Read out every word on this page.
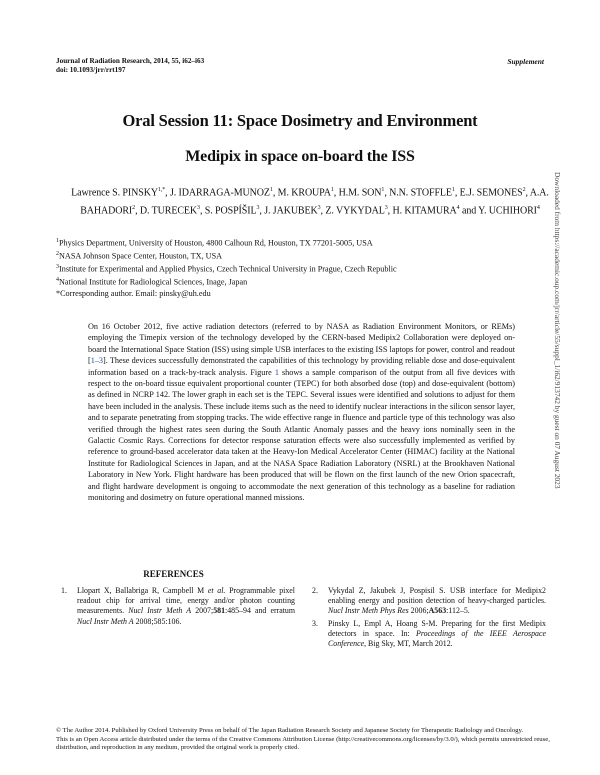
Journal of Radiation Research, 2014, 55, i62–i63
doi: 10.1093/jrr/rrt197
Supplement
Oral Session 11: Space Dosimetry and Environment
Medipix in space on-board the ISS
Lawrence S. $PINSKY^{1,*}$, J. IDARRAGA-MUNOZ$^1$, M. KROUPA$^1$, H.M. SON$^1$, N.N. STOFFLE$^1$, E.J. SEMONES$^2$, A.A. BAHADORI$^2$, D. TURECEK$^3$, S. POSPÍŠIL$^3$, J. JAKUBEK$^3$, Z. VYKYDAL$^3$, H. KITAMURA$^4$ and Y. UCHIHORI$^4$
$^1$Physics Department, University of Houston, 4800 Calhoun Rd, Houston, TX 77201-5005, USA
$^2$NASA Johnson Space Center, Houston, TX, USA
$^3$Institute for Experimental and Applied Physics, Czech Technical University in Prague, Czech Republic
$^4$National Institute for Radiological Sciences, Inage, Japan
*Corresponding author. Email: pinsky@uh.edu
On 16 October 2012, five active radiation detectors (referred to by NASA as Radiation Environment Monitors, or REMs) employing the Timepix version of the technology developed by the CERN-based Medipix2 Collaboration were deployed on-board the International Space Station (ISS) using simple USB interfaces to the existing ISS laptops for power, control and readout [1–3]. These devices successfully demonstrated the capabilities of this technology by providing reliable dose and dose-equivalent information based on a track-by-track analysis. Figure 1 shows a sample comparison of the output from all five devices with respect to the on-board tissue equivalent proportional counter (TEPC) for both absorbed dose (top) and dose-equivalent (bottom) as defined in NCRP 142. The lower graph in each set is the TEPC. Several issues were identified and solutions to adjust for them have been included in the analysis. These include items such as the need to identify nuclear interactions in the silicon sensor layer, and to separate penetrating from stopping tracks. The wide effective range in fluence and particle type of this technology was also verified through the highest rates seen during the South Atlantic Anomaly passes and the heavy ions nominally seen in the Galactic Cosmic Rays. Corrections for detector response saturation effects were also successfully implemented as verified by reference to ground-based accelerator data taken at the Heavy-Ion Medical Accelerator Center (HIMAC) facility at the National Institute for Radiological Sciences in Japan, and at the NASA Space Radiation Laboratory (NSRL) at the Brookhaven National Laboratory in New York. Flight hardware has been produced that will be flown on the first launch of the new Orion spacecraft, and flight hardware development is ongoing to accommodate the next generation of this technology as a baseline for radiation monitoring and dosimetry on future operational manned missions.
REFERENCES
1. Llopart X, Ballabriga R, Campbell M et al. Programmable pixel readout chip for arrival time, energy and/or photon counting measurements. Nucl Instr Meth A 2007;581:485–94 and erratum Nucl Instr Meth A 2008;585:106.
2. Vykydal Z, Jakubek J, Pospisil S. USB interface for Medipix2 enabling energy and position detection of heavy-charged particles. Nucl Instr Meth Phys Res 2006;A563:112–5.
3. Pinsky L, Empl A, Hoang S-M. Preparing for the first Medipix detectors in space. In: Proceedings of the IEEE Aerospace Conference, Big Sky, MT, March 2012.
© The Author 2014. Published by Oxford University Press on behalf of The Japan Radiation Research Society and Japanese Society for Therapeutic Radiology and Oncology.
This is an Open Access article distributed under the terms of the Creative Commons Attribution License (http://creativecommons.org/licenses/by/3.0/), which permits unrestricted reuse, distribution, and reproduction in any medium, provided the original work is properly cited.
Downloaded from https://academic.oup.com/jrr/article/55/suppl_1/i62/913742 by guest on 07 August 2023
